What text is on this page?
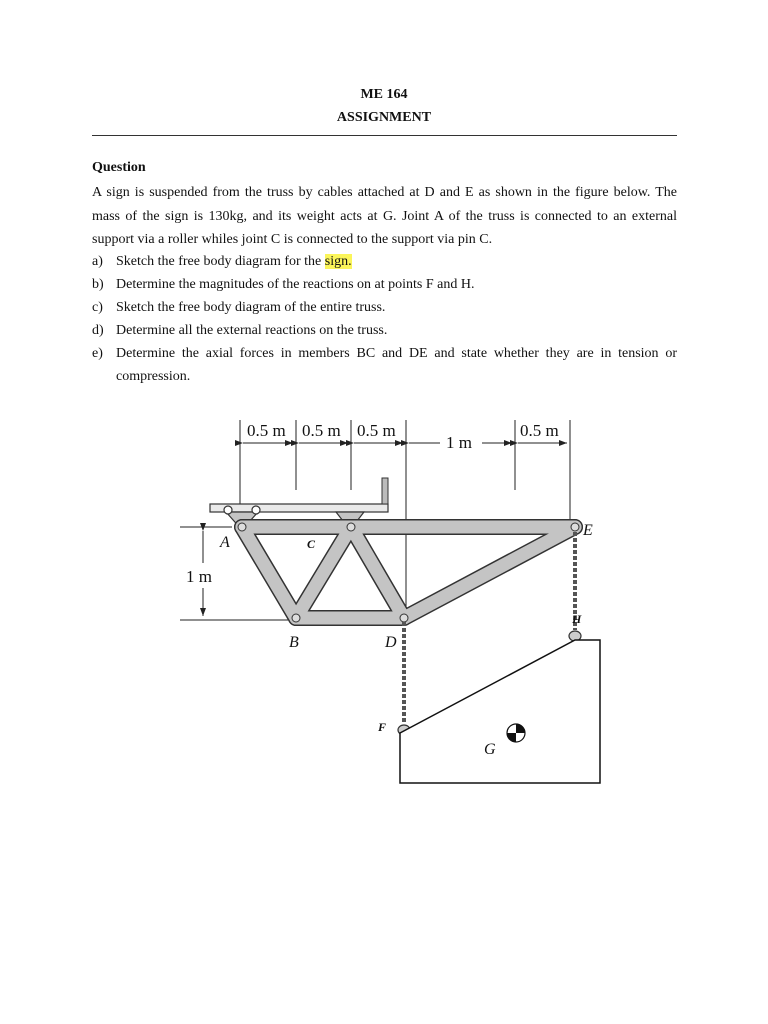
ME 164
ASSIGNMENT
Question
A sign is suspended from the truss by cables attached at D and E as shown in the figure below. The mass of the sign is 130kg, and its weight acts at G. Joint A of the truss is connected to an external support via a roller whiles joint C is connected to the support via pin C.
a) Sketch the free body diagram for the sign.
b) Determine the magnitudes of the reactions on at points F and H.
c) Sketch the free body diagram of the entire truss.
d) Determine all the external reactions on the truss.
e) Determine the axial forces in members BC and DE and state whether they are in tension or compression.
0.5 m 0.5 m 0.5 m
1 m
0.5 m
1 m
A	C
E
B	D
H
F
G
